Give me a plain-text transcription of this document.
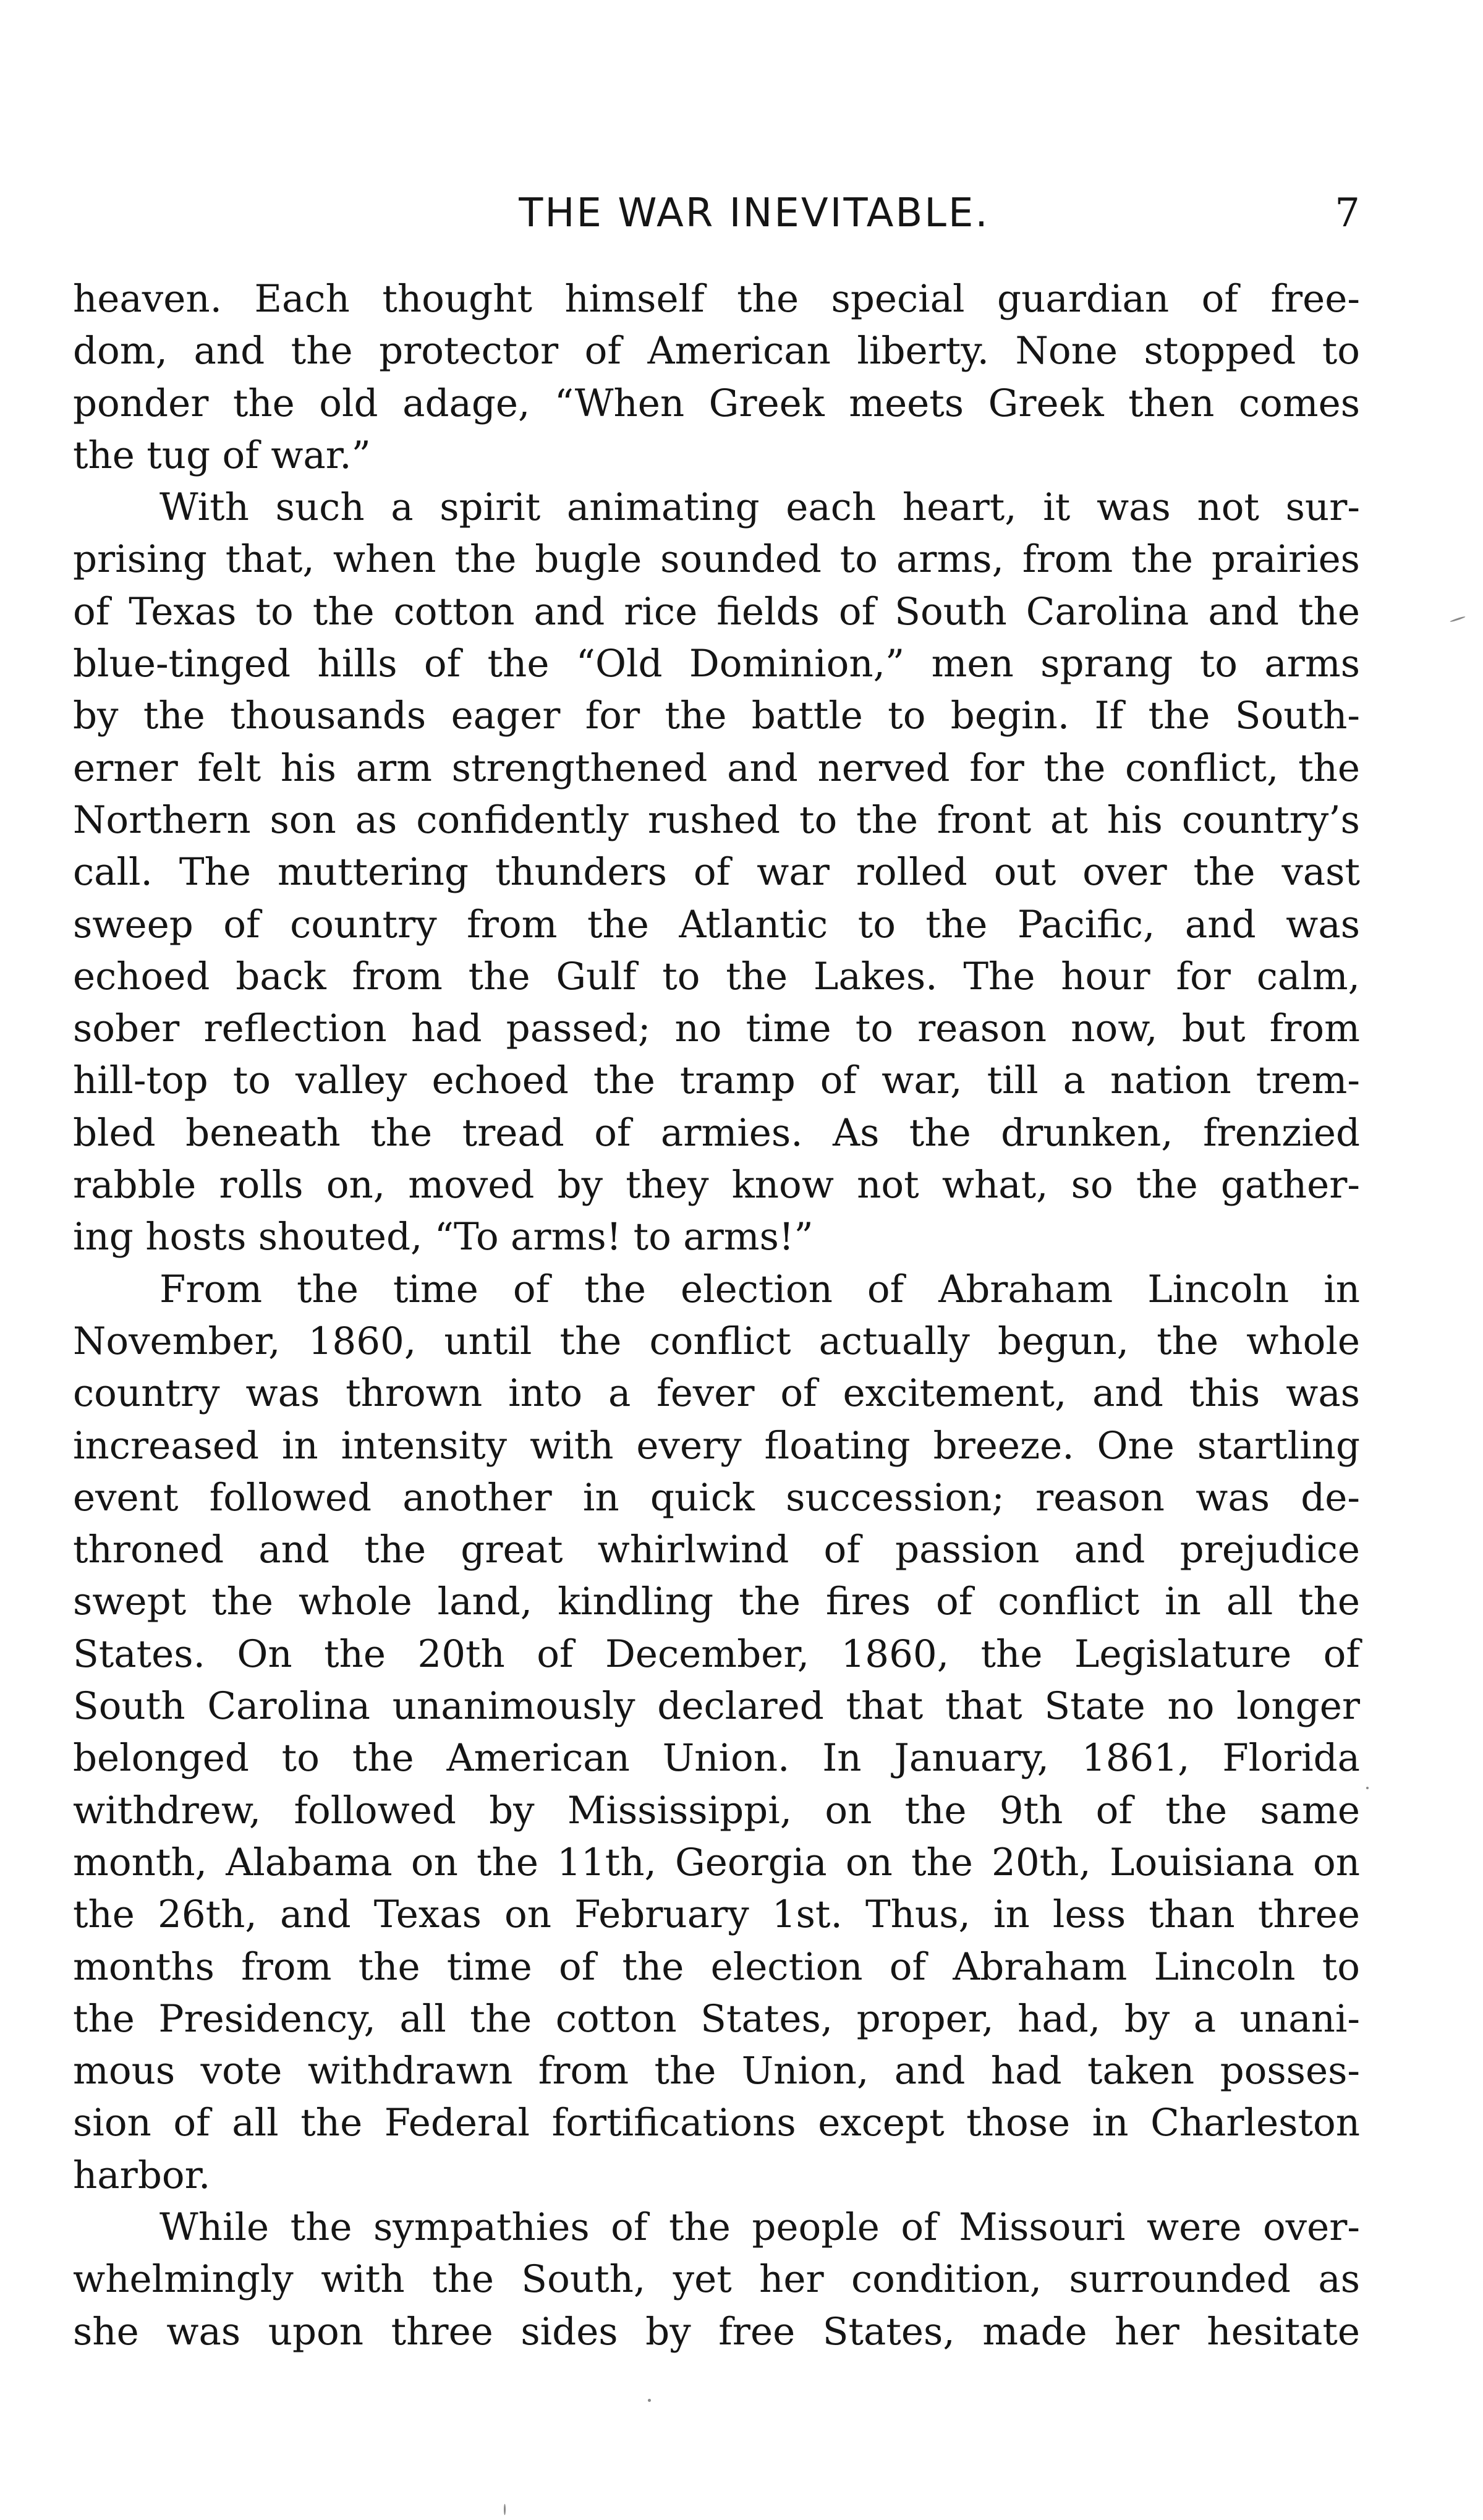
THE WAR INEVITABLE.	7

heaven. Each thought himself the special guardian of free-
dom, and the protector of American liberty. None stopped to
ponder the old adage, “When Greek meets Greek then comes
the tug of war.”

With such a spirit animating each heart, it was not sur-
prising that, when the bugle sounded to arms, from the prairies
of Texas to the cotton and rice fields of South Carolina and the
blue-tinged hills of the “Old Dominion,” men sprang to arms
by the thousands eager for the battle to begin. If the South-
erner felt his arm strengthened and nerved for the conflict, the
Northern son as confidently rushed to the front at his country’s
call. The muttering thunders of war rolled out over the vast
sweep of country from the Atlantic to the Pacific, and was
echoed back from the Gulf to the Lakes. The hour for calm,
sober reflection had passed; no time to reason now, but from
hill-top to valley echoed the tramp of war, till a nation trem-
bled beneath the tread of armies. As the drunken, frenzied
rabble rolls on, moved by they know not what, so the gather-
ing hosts shouted, “To arms! to arms!”

From the time of the election of Abraham Lincoln in
November, 1860, until the conflict actually begun, the whole
country was thrown into a fever of excitement, and this was
increased in intensity with every floating breeze. One startling
event followed another in quick succession; reason was de-
throned and the great whirlwind of passion and prejudice
swept the whole land, kindling the fires of conflict in all the
States. On the 20th of December, 1860, the Legislature of
South Carolina unanimously declared that that State no longer
belonged to the American Union. In January, 1861, Florida
withdrew, followed by Mississippi, on the 9th of the same
month, Alabama on the 11th, Georgia on the 20th, Louisiana on
the 26th, and Texas on February 1st. Thus, in less than three
months from the time of the election of Abraham Lincoln to
the Presidency, all the cotton States, proper, had, by a unani-
mous vote withdrawn from the Union, and had taken posses-
sion of all the Federal fortifications except those in Charleston
harbor.

While the sympathies of the people of Missouri were over-
whelmingly with the South, yet her condition, surrounded as
she was upon three sides by free States, made her hesitate
